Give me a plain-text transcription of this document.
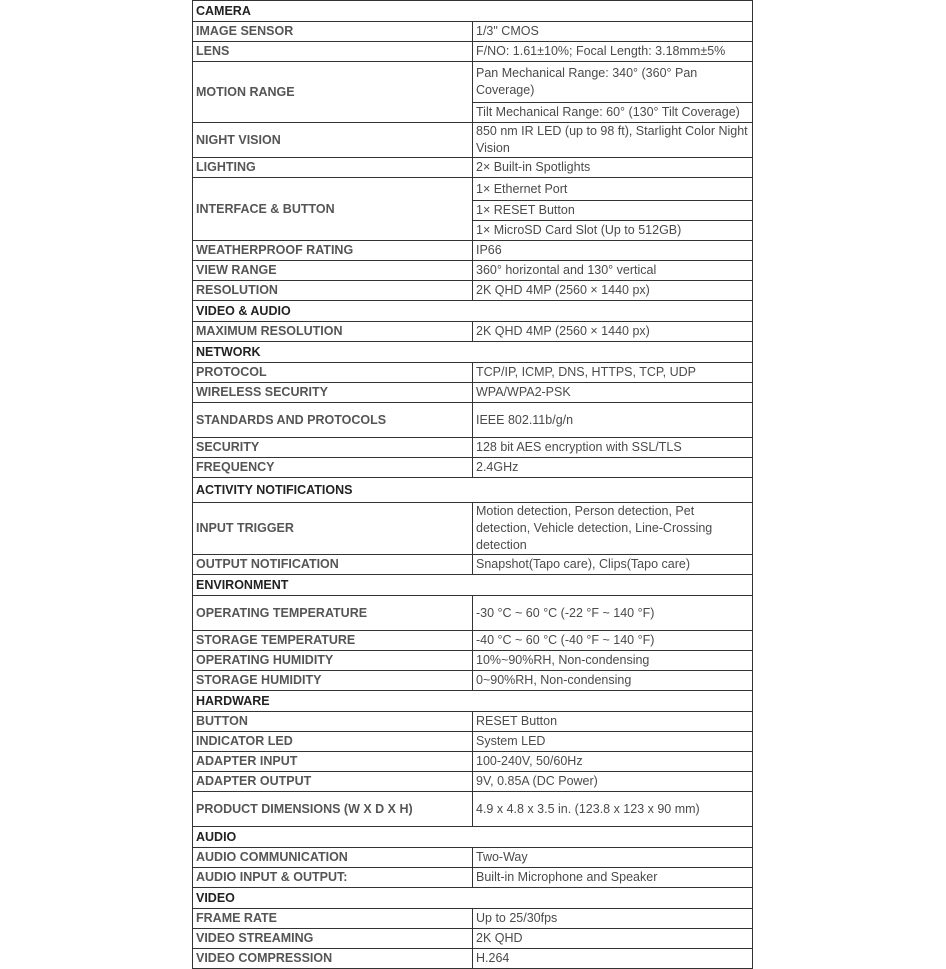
CAMERA	
IMAGE SENSOR	1/3" CMOS
LENS	F/NO: 1.61±10%; Focal Length: 3.18mm±5%
MOTION RANGE	Pan Mechanical Range: 340° (360° Pan Coverage)
	Tilt Mechanical Range: 60° (130° Tilt Coverage)
NIGHT VISION	850 nm IR LED (up to 98 ft), Starlight Color Night Vision
LIGHTING	2× Built-in Spotlights
INTERFACE & BUTTON	1× Ethernet Port
	1× RESET Button
	1× MicroSD Card Slot (Up to 512GB)
WEATHERPROOF RATING	IP66
VIEW RANGE	360° horizontal and 130° vertical
RESOLUTION	2K QHD 4MP (2560 × 1440 px)
VIDEO & AUDIO	
MAXIMUM RESOLUTION	2K QHD 4MP (2560 × 1440 px)
NETWORK	
PROTOCOL	TCP/IP, ICMP, DNS, HTTPS, TCP, UDP
WIRELESS SECURITY	WPA/WPA2-PSK
STANDARDS AND PROTOCOLS	IEEE 802.11b/g/n
SECURITY	128 bit AES encryption with SSL/TLS
FREQUENCY	2.4GHz
ACTIVITY NOTIFICATIONS	
INPUT TRIGGER	Motion detection, Person detection, Pet detection, Vehicle detection, Line-Crossing detection
OUTPUT NOTIFICATION	Snapshot(Tapo care), Clips(Tapo care)
ENVIRONMENT	
OPERATING TEMPERATURE	-30 °C ~ 60 °C (-22 °F ~ 140 °F)
STORAGE TEMPERATURE	-40 °C ~ 60 °C (-40 °F ~ 140 °F)
OPERATING HUMIDITY	10%~90%RH, Non-condensing
STORAGE HUMIDITY	0~90%RH, Non-condensing
HARDWARE	
BUTTON	RESET Button
INDICATOR LED	System LED
ADAPTER INPUT	100-240V, 50/60Hz
ADAPTER OUTPUT	9V, 0.85A (DC Power)
PRODUCT DIMENSIONS (W X D X H)	4.9 x 4.8 x 3.5 in. (123.8 x 123 x 90 mm)
AUDIO	
AUDIO COMMUNICATION	Two-Way
AUDIO INPUT & OUTPUT:	Built-in Microphone and Speaker
VIDEO	
FRAME RATE	Up to 25/30fps
VIDEO STREAMING	2K QHD
VIDEO COMPRESSION	H.264
